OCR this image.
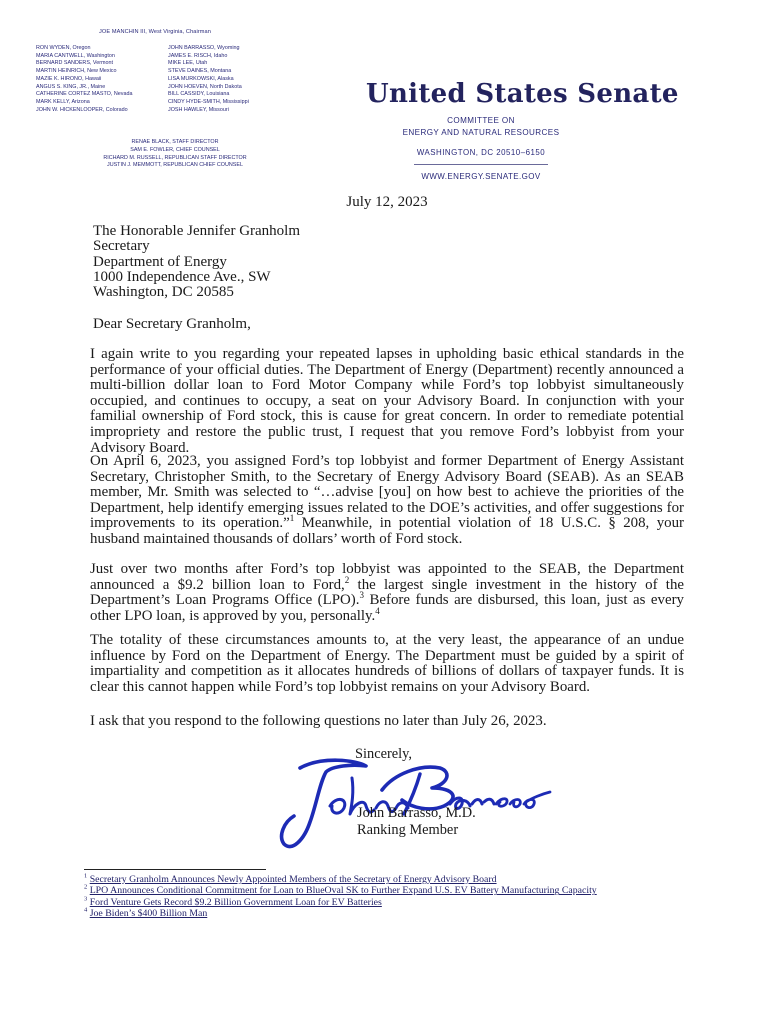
JOE MANCHIN III, West Virginia, Chairman
RON WYDEN, Oregon
MARIA CANTWELL, Washington
BERNARD SANDERS, Vermont
MARTIN HEINRICH, New Mexico
MAZIE K. HIRONO, Hawaii
ANGUS S. KING, JR., Maine
CATHERINE CORTEZ MASTO, Nevada
MARK KELLY, Arizona
JOHN W. HICKENLOOPER, Colorado
JOHN BARRASSO, Wyoming
JAMES E. RISCH, Idaho
MIKE LEE, Utah
STEVE DAINES, Montana
LISA MURKOWSKI, Alaska
JOHN HOEVEN, North Dakota
BILL CASSIDY, Louisiana
CINDY HYDE-SMITH, Mississippi
JOSH HAWLEY, Missouri
RENAE BLACK, STAFF DIRECTOR
SAM E. FOWLER, CHIEF COUNSEL
RICHARD M. RUSSELL, REPUBLICAN STAFF DIRECTOR
JUSTIN J. MEMMOTT, REPUBLICAN CHIEF COUNSEL
United States Senate
COMMITTEE ON
ENERGY AND NATURAL RESOURCES
WASHINGTON, DC 20510–6150
WWW.ENERGY.SENATE.GOV
July 12, 2023
The Honorable Jennifer Granholm
Secretary
Department of Energy
1000 Independence Ave., SW
Washington, DC 20585
Dear Secretary Granholm,

I again write to you regarding your repeated lapses in upholding basic ethical standards in the performance of your official duties. The Department of Energy (Department) recently announced a multi-billion dollar loan to Ford Motor Company while Ford’s top lobbyist simultaneously occupied, and continues to occupy, a seat on your Advisory Board. In conjunction with your familial ownership of Ford stock, this is cause for great concern. In order to remediate potential impropriety and restore the public trust, I request that you remove Ford’s lobbyist from your Advisory Board.

On April 6, 2023, you assigned Ford’s top lobbyist and former Department of Energy Assistant Secretary, Christopher Smith, to the Secretary of Energy Advisory Board (SEAB). As an SEAB member, Mr. Smith was selected to “…advise [you] on how best to achieve the priorities of the Department, help identify emerging issues related to the DOE’s activities, and offer suggestions for improvements to its operation.”$^1$ Meanwhile, in potential violation of 18 U.S.C. § 208, your husband maintained thousands of dollars’ worth of Ford stock.

Just over two months after Ford’s top lobbyist was appointed to the SEAB, the Department announced a $9.2 billion loan to Ford,$^2$ the largest single investment in the history of the Department’s Loan Programs Office (LPO).$^3$ Before funds are disbursed, this loan, just as every other LPO loan, is approved by you, personally.$^4$

The totality of these circumstances amounts to, at the very least, the appearance of an undue influence by Ford on the Department of Energy. The Department must be guided by a spirit of impartiality and competition as it allocates hundreds of billions of dollars of taxpayer funds. It is clear this cannot happen while Ford’s top lobbyist remains on your Advisory Board.

I ask that you respond to the following questions no later than July 26, 2023.

Sincerely,
John Barrasso, M.D.
Ranking Member
$^1$ Secretary Granholm Announces Newly Appointed Members of the Secretary of Energy Advisory Board
$^2$ LPO Announces Conditional Commitment for Loan to BlueOval SK to Further Expand U.S. EV Battery Manufacturing Capacity
$^3$ Ford Venture Gets Record $9.2 Billion Government Loan for EV Batteries
$^4$ Joe Biden’s $400 Billion Man
